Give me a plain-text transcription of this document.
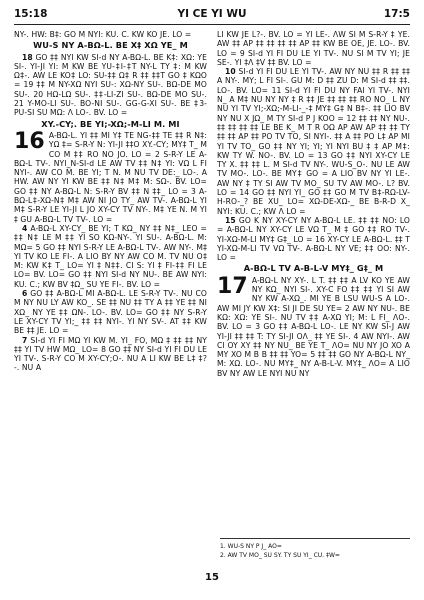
15:18	YI CE YI WU	17:5

NY-. HW: B‡: GO M NYI: KU. C. KW KO JE. LO =

WU-S NY A-BΩ-L. BE X‡ XΩ YE_ M

18 GO ‡‡ NYI KW SI-d NY A-BΩ-L. BE K‡: XΩ: YE SI-. YI-JI YI: M KW BE YU-‡I-‡T NY-L TY ‡: M KW Ω‡-. AW LE KO‡ LO: SU-‡‡ Ω‡ R ‡‡ ‡‡T GO ‡ KΩO = 19 ‡‡ M NY-XΩ NYI SU-: XΩ-NY SU-. BΩ-DE MO SU-. 20 HΩ-LΩ SU-. ‡‡-LI-ZI SU-. BΩ-DE MO SU-. 21 Y-MO-LI SU-. BO-NI SU-. GG-G-XI SU-. BE ‡3-PU-SI SU MΩ: Λ LO-. BV. LO =

XY.-CY;. BE YI;-XΩ;-M-LI M. MI

16 A-BΩ-L. YI ‡‡ MI Y‡ TE NG-‡‡ TE ‡‡ R N‡: YΩ ‡= S-R-Y N: YI-JI ‡‡O XY.-CY; MY‡ T_ M CO M ‡‡ RO NO JO. LO = 2 S-R-Y LE A-BΩ-L TV-. NYI_N-SI-d LE AW TV ‡‡ N‡ YI: VΩ L FI NYI-. AW CO M. BE YI; T N. M NU TV DE:_ LO-. A HW. AW NY YI KW BE ‡‡ N‡ M‡ M: SΩ-. BV. LO= GO ‡‡ NY A-BΩ-L N: S-R-Y BV ‡‡ N ‡‡_ LO = 3 A-BΩ-L‡-XΩ-N‡ M‡ AW NI JO TY_ AW TV-. A-BΩ-L YI M‡ S-R-Y LE YI-JI L JO XY-CY TV NY-. M‡ YE N. M YI ‡ GU A-BΩ-L TV TV-. LO =

4 A-BΩ-L XY-CY_ BE YI; T KΩ_ NY ‡‡ N‡_ LEO = ‡‡ N‡ LE M ‡‡ YI SO KΩ-NY-. YI SU-. A-BΩ-L. M: MΩ= 5 GO ‡‡ NYI S-R-Y LE A-BΩ-L TV-. AW NY-. M‡ YI TV KO LE FI-. A LIO BY NY AW CO M. TV NU O‡ M: KW K‡ T_ LO= YI ‡ N‡‡. CI S: YI ‡ FI-‡‡ FI LE LO= BV. LO= GO ‡‡ NYI SI-d NY NU-. BE AW NYI: KU. C.; KW BV ‡Ω_ SU YE FI-. BV. LO =

6 GO ‡‡ A-BΩ-L MI A-BΩ-L. LE S-R-Y TV-. NU CO M NY NU LY AW KO_. SE ‡‡ NU ‡‡ TY A ‡‡ YE ‡‡ NI XΩ_ NY YE ‡‡ ΩN-. LO-. BV. LO= GO ‡‡ NY S-R-Y LE XY-CY TV YI;_ ‡‡ ‡‡ NYI-. YI NY SV-. AT ‡‡ KW BE ‡‡ JE. LO =

7 SI-d YI FI MΩ YI KW M. YI_ FO, MΩ ‡ ‡‡ ‡‡ NY ‡‡ YI TV HW MΩ_ LO= 8 GO ‡‡ NY SI-d YI FI DU LE YI TV-. S-R-Y CO M XY-CY;O-. NU A LI KW BE L‡ ‡?-. NU A

LI KW JE L?-. BV. LO = YI LE-. ΛW SI M S-R-Y ‡ YE. AW ‡‡ AP ‡‡ ‡‡ ‡‡ ‡‡ AP ‡‡ KW BE OE, JE. LO-. BV. LO = 9 SI-d YI FI DU LE YI TV-. NU SI M TV YI; JE SE-. YI ‡Λ ‡V ‡‡ BV. LO =

10 SI-d YI FI DU LE YI TV-. AW NY NU ‡‡ R ‡‡ ‡‡ A NY-. MY; L FI SI-. GU M: D ‡‡ ZU D: M SI-d ‡‡ ‡‡. LO-. BV. LO= 11 SI-d YI FI DU NY FAI YI TV-. NYI N_ A M‡ NU NY NY ‡ R ‡‡ JE ‡‡ ‡‡ ‡‡ RO NO_ L NY NU YI TV YI;-XΩ;-M-LI-_-‡ MY‡ G‡ N B‡-. ‡‡ LIO BV NY NU X JΩ_ M TY SI-d P J KOO = 12 ‡‡ ‡‡ NY NU-. ‡‡ ‡‡ ‡‡ ‡‡ LE BE K_ M T R OΩ AP AW AP ‡‡ ‡‡ TY ‡‡ ‡‡ AP ‡‡ PO TV TO, SI NYI-. ‡‡ A ‡‡ PO L‡ AP MI YI TV TO_ GO ‡‡ NY YI; YI; YI NYI BU ‡ ‡ AP M‡: KW TY W. NO-. BV. LO = 13 GO ‡‡ NYI XY-CY LE TY X. ‡‡ ‡‡ L. M SI-d TV NY-. WU-S_O-. NU LE AW TV MO-. LO-. BE MY‡ GO = A LIO BV NY YI LE-. AW NY ‡ TY SI AW TV MO_ SU TV AW MO-. L? BV. LO = 14 GO ‡‡ NYI YI_ GO ‡‡ GO M TV B‡-RΩ-LV-H-RO-_? BE XU_ LO= XΩ-DE-XΩ-_ BE B-R-D X_ NYI: KU. C.; KW Λ LO =

15 GO K NY XY-CY NY A-BΩ-L LE. ‡‡ ‡‡ NO: LO = A-BΩ-L NY XY-CY LE VΩ T_ M ‡ GO ‡‡ RO TV-. YI-XΩ-M-LI MY‡ G‡_ LO = 16 XY-CY LE A-BΩ-L. ‡‡ T YI-XΩ-M-LI TV VΩ TV-. A-BΩ-L NY VE; ‡‡ OO: NY-. LO =

A-BΩ-L TV A-B-L-V MY‡_ G‡_ M

17 A-BΩ-L NY XY-. L T. ‡‡ ‡‡ A LV KO YE AW NY KΩ_ NYI SI-. XY-C FO ‡‡ ‡‡ YI SI AW NY KW A-XΩ_. MI YE B LSU WU-S A LO-. AW MI JY KW X‡: SI JI DE SU YE= 2 AW NY NU-. BE KΩ: XΩ: YE SI-. NU TV ‡‡ A-XΩ YI; M: L FI_ ΛO-. BV. LO = 3 GO ‡‡ A-BΩ-L LO-. LE NY KW SI-J AW YI-JI ‡‡ ‡‡ T: TY SI-JI OΛ_ ‡‡ YE SI-. 4 AW NYI-. AW CI OY XY ‡‡ NY NU_ BE YE T_ ΛO= NU NY JO XO A MY XO M B B ‡‡ ‡‡ YO= 5 ‡‡ ‡‡ GO NY A-BΩ-L NY_ M: XΩ. LO-. NU MY‡_ NY A-B-L-V. MY‡_ ΛO= A LIO BV NY AW LE NYI NU NY

1. WU-S NY P J_ AO=
2. AW TV MO_ SU SY. TY SU YI_ CU. ‡W=
15
